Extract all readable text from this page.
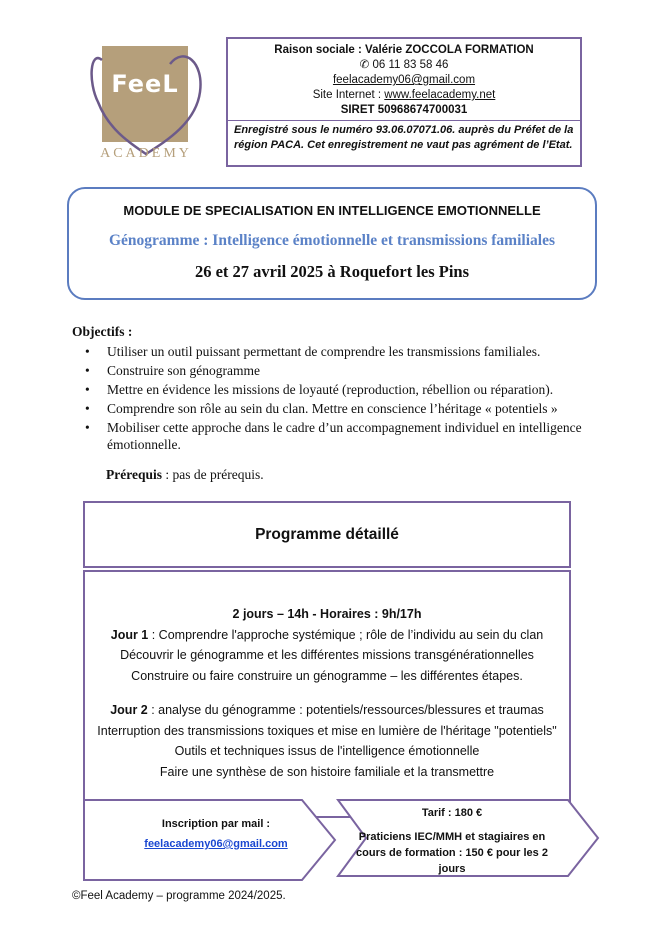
FeeL
ACADEMY
Raison sociale : Valérie ZOCCOLA FORMATION
✆ 06 11 83 58 46
feelacademy06@gmail.com
Site Internet : www.feelacademy.net
SIRET 50968674700031
Enregistré sous le numéro 93.06.07071.06. auprès du Préfet de la région PACA. Cet enregistrement ne vaut pas agrément de l’Etat.
MODULE DE SPECIALISATION EN INTELLIGENCE EMOTIONNELLE
Génogramme : Intelligence émotionnelle et transmissions familiales
26 et 27 avril 2025 à Roquefort les Pins
Objectifs :
• Utiliser un outil puissant permettant de comprendre les transmissions familiales.
• Construire son génogramme
• Mettre en évidence les missions de loyauté (reproduction, rébellion ou réparation).
• Comprendre son rôle au sein du clan. Mettre en conscience l’héritage « potentiels »
• Mobiliser cette approche dans le cadre d’un accompagnement individuel en intelligence émotionnelle.
Prérequis : pas de prérequis.
Programme détaillé
2 jours – 14h - Horaires : 9h/17h
Jour 1 : Comprendre l'approche systémique ; rôle de l’individu au sein du clan
Découvrir le génogramme et les différentes missions transgénérationnelles
Construire ou faire construire un génogramme – les différentes étapes.
Jour 2 : analyse du génogramme : potentiels/ressources/blessures et traumas
Interruption des transmissions toxiques et mise en lumière de l'héritage "potentiels"
Outils et techniques issus de l'intelligence émotionnelle
Faire une synthèse de son histoire familiale et la transmettre
Inscription par mail :
feelacademy06@gmail.com
Tarif : 180 €
Praticiens IEC/MMH et stagiaires en cours de formation : 150 € pour les 2 jours
©Feel Academy – programme 2024/2025.
